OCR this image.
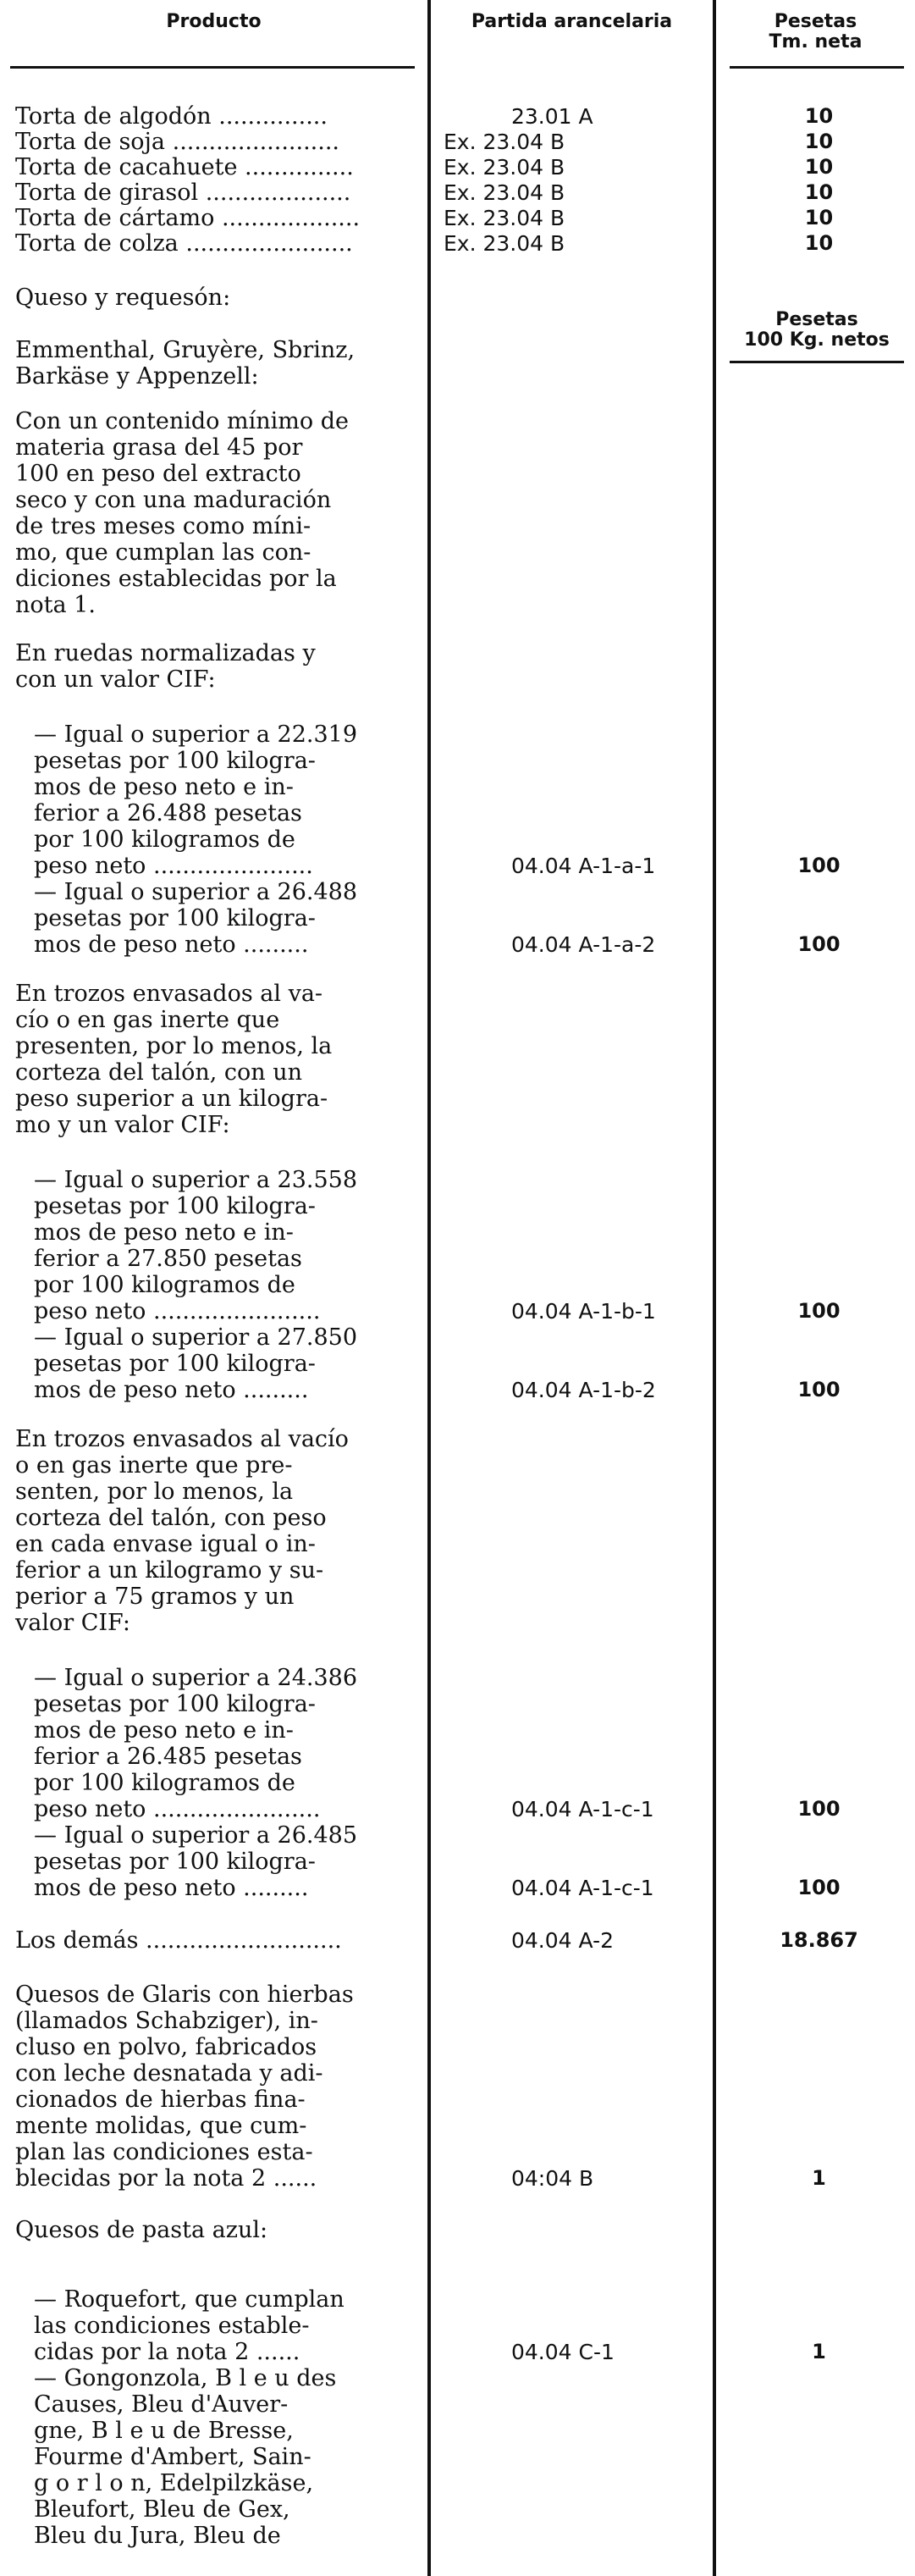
Producto	Partida arancelaria	Pesetas
Tm. neta
Torta de algodón ...............	23.01 A	10
Torta de soja .......................	Ex. 23.04 B	10
Torta de cacahuete ...............	Ex. 23.04 B	10
Torta de girasol ....................	Ex. 23.04 B	10
Torta de cártamo ...................	Ex. 23.04 B	10
Torta de colza .......................	Ex. 23.04 B	10
Queso y requesón:
Pesetas
100 Kg. netos
Emmenthal, Gruyère, Sbrinz,
Barkäse y Appenzell:
Con un contenido mínimo de
materia grasa del 45 por
100 en peso del extracto
seco y con una maduración
de tres meses como míni-
mo, que cumplan las con-
diciones establecidas por la
nota 1.
En ruedas normalizadas y
con un valor CIF:
— Igual o superior a 22.319
pesetas por 100 kilogra-
mos de peso neto e in-
ferior a 26.488 pesetas
por 100 kilogramos de
peso neto ......................	04.04 A-1-a-1	100
— Igual o superior a 26.488
pesetas por 100 kilogra-
mos de peso neto .........	04.04 A-1-a-2	100
En trozos envasados al va-
cío o en gas inerte que
presenten, por lo menos, la
corteza del talón, con un
peso superior a un kilogra-
mo y un valor CIF:
— Igual o superior a 23.558
pesetas por 100 kilogra-
mos de peso neto e in-
ferior a 27.850 pesetas
por 100 kilogramos de
peso neto .......................	04.04 A-1-b-1	100
— Igual o superior a 27.850
pesetas por 100 kilogra-
mos de peso neto .........	04.04 A-1-b-2	100
En trozos envasados al vacío
o en gas inerte que pre-
senten, por lo menos, la
corteza del talón, con peso
en cada envase igual o in-
ferior a un kilogramo y su-
perior a 75 gramos y un
valor CIF:
— Igual o superior a 24.386
pesetas por 100 kilogra-
mos de peso neto e in-
ferior a 26.485 pesetas
por 100 kilogramos de
peso neto .......................	04.04 A-1-c-1	100
— Igual o superior a 26.485
pesetas por 100 kilogra-
mos de peso neto .........	04.04 A-1-c-1	100
Los demás ...........................	04.04 A-2	18.867
Quesos de Glaris con hierbas
(llamados Schabziger), in-
cluso en polvo, fabricados
con leche desnatada y adi-
cionados de hierbas fina-
mente molidas, que cum-
plan las condiciones esta-
blecidas por la nota 2 ......	04:04 B	1
Quesos de pasta azul:
— Roquefort, que cumplan
las condiciones estable-
cidas por la nota 2 ......	04.04 C-1	1
— Gongonzola, B l e u des
Causes, Bleu d'Auver-
gne, B l e u de Bresse,
Fourme d'Ambert, Sain-
g o r l o n, Edelpilzkäse,
Bleufort, Bleu de Gex,
Bleu du Jura, Bleu de
